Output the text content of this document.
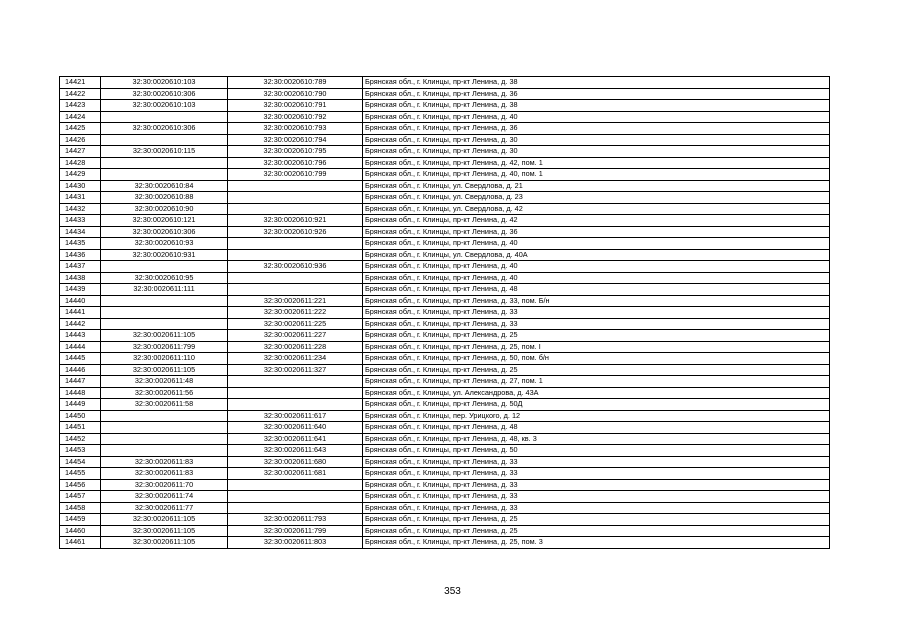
14421	32:30:0020610:103	32:30:0020610:789	Брянская обл., г. Клинцы, пр-кт Ленина, д. 38
14422	32:30:0020610:306	32:30:0020610:790	Брянская обл., г. Клинцы, пр-кт Ленина, д. 36
14423	32:30:0020610:103	32:30:0020610:791	Брянская обл., г. Клинцы, пр-кт Ленина, д. 38
14424		32:30:0020610:792	Брянская обл., г. Клинцы, пр-кт Ленина, д. 40
14425	32:30:0020610:306	32:30:0020610:793	Брянская обл., г. Клинцы, пр-кт Ленина, д. 36
14426		32:30:0020610:794	Брянская обл., г. Клинцы, пр-кт Ленина, д. 30
14427	32:30:0020610:115	32:30:0020610:795	Брянская обл., г. Клинцы, пр-кт Ленина, д. 30
14428		32:30:0020610:796	Брянская обл., г. Клинцы, пр-кт Ленина, д. 42, пом. 1
14429		32:30:0020610:799	Брянская обл., г. Клинцы, пр-кт Ленина, д. 40, пом. 1
14430	32:30:0020610:84		Брянская обл., г. Клинцы, ул. Свердлова, д. 21
14431	32:30:0020610:88		Брянская обл., г. Клинцы, ул. Свердлова, д. 23
14432	32:30:0020610:90		Брянская обл., г. Клинцы, ул. Свердлова, д. 42
14433	32:30:0020610:121	32:30:0020610:921	Брянская обл., г. Клинцы, пр-кт Ленина, д. 42
14434	32:30:0020610:306	32:30:0020610:926	Брянская обл., г. Клинцы, пр-кт Ленина, д. 36
14435	32:30:0020610:93		Брянская обл., г. Клинцы, пр-кт Ленина, д. 40
14436	32:30:0020610:931		Брянская обл., г. Клинцы, ул. Свердлова, д. 40А
14437		32:30:0020610:936	Брянская обл., г. Клинцы, пр-кт Ленина, д. 40
14438	32:30:0020610:95		Брянская обл., г. Клинцы, пр-кт Ленина, д. 40
14439	32:30:0020611:111		Брянская обл., г. Клинцы, пр-кт Ленина, д. 48
14440		32:30:0020611:221	Брянская обл., г. Клинцы, пр-кт Ленина, д. 33, пом. Б/н
14441		32:30:0020611:222	Брянская обл., г. Клинцы, пр-кт Ленина, д. 33
14442		32:30:0020611:225	Брянская обл., г. Клинцы, пр-кт Ленина, д. 33
14443	32:30:0020611:105	32:30:0020611:227	Брянская обл., г. Клинцы, пр-кт Ленина, д. 25
14444	32:30:0020611:799	32:30:0020611:228	Брянская обл., г. Клинцы, пр-кт Ленина, д. 25, пом. I
14445	32:30:0020611:110	32:30:0020611:234	Брянская обл., г. Клинцы, пр-кт Ленина, д. 50, пом. б/н
14446	32:30:0020611:105	32:30:0020611:327	Брянская обл., г. Клинцы, пр-кт Ленина, д. 25
14447	32:30:0020611:48		Брянская обл., г. Клинцы, пр-кт Ленина, д. 27, пом. 1
14448	32:30:0020611:56		Брянская обл., г. Клинцы, ул. Александрова, д. 43А
14449	32:30:0020611:58		Брянская обл., г. Клинцы, пр-кт Ленина, д. 50Д
14450		32:30:0020611:617	Брянская обл., г. Клинцы, пер. Урицкого, д. 12
14451		32:30:0020611:640	Брянская обл., г. Клинцы, пр-кт Ленина, д. 48
14452		32:30:0020611:641	Брянская обл., г. Клинцы, пр-кт Ленина, д. 48, кв. 3
14453		32:30:0020611:643	Брянская обл., г. Клинцы, пр-кт Ленина, д. 50
14454	32:30:0020611:83	32:30:0020611:680	Брянская обл., г. Клинцы, пр-кт Ленина, д. 33
14455	32:30:0020611:83	32:30:0020611:681	Брянская обл., г. Клинцы, пр-кт Ленина, д. 33
14456	32:30:0020611:70		Брянская обл., г. Клинцы, пр-кт Ленина, д. 33
14457	32:30:0020611:74		Брянская обл., г. Клинцы, пр-кт Ленина, д. 33
14458	32:30:0020611:77		Брянская обл., г. Клинцы, пр-кт Ленина, д. 33
14459	32:30:0020611:105	32:30:0020611:793	Брянская обл., г. Клинцы, пр-кт Ленина, д. 25
14460	32:30:0020611:105	32:30:0020611:799	Брянская обл., г. Клинцы, пр-кт Ленина, д. 25
14461	32:30:0020611:105	32:30:0020611:803	Брянская обл., г. Клинцы, пр-кт Ленина, д. 25, пом. 3
353
